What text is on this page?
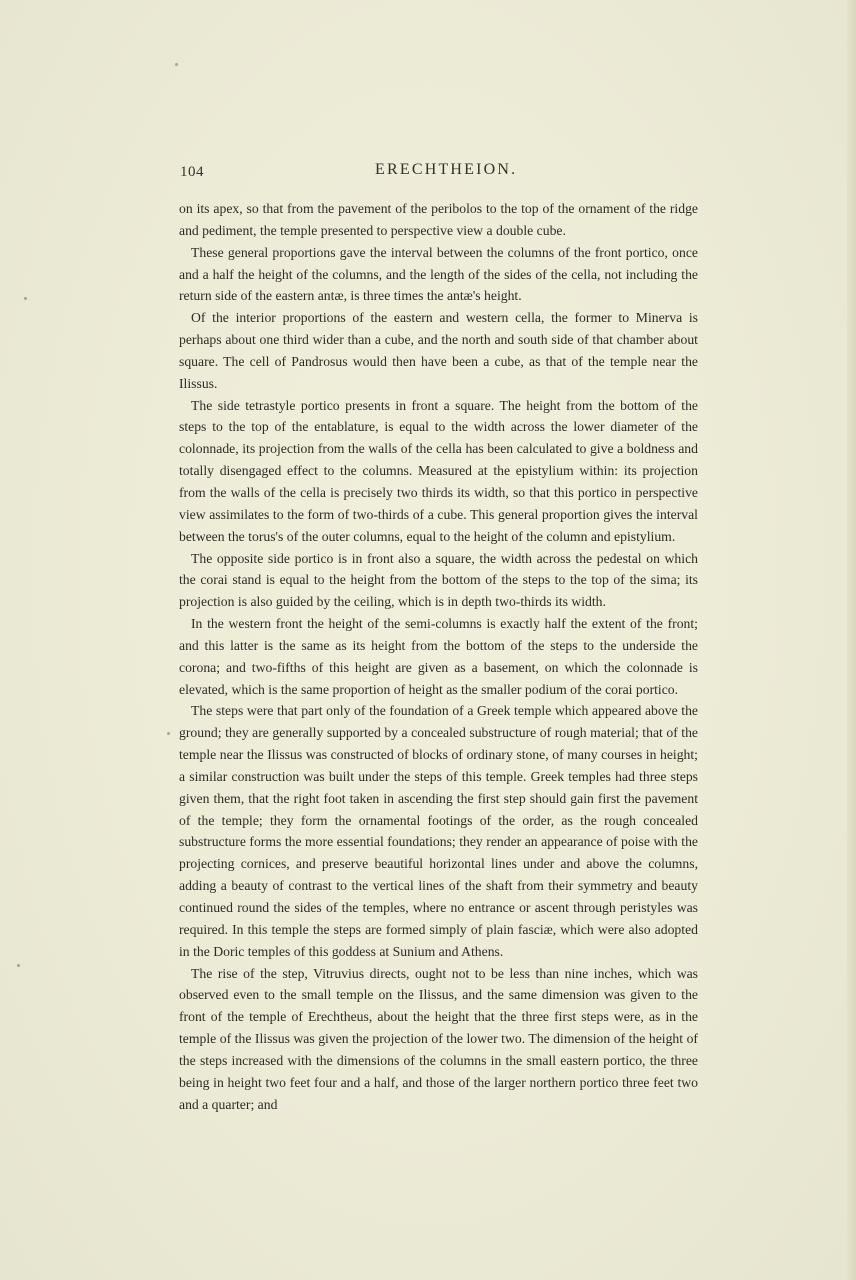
104	ERECHTHEION.

on its apex, so that from the pavement of the peribolos to the top of the ornament of the ridge and pediment, the temple presented to perspective view a double cube.

These general proportions gave the interval between the columns of the front portico, once and a half the height of the columns, and the length of the sides of the cella, not including the return side of the eastern antæ, is three times the antæ's height.

Of the interior proportions of the eastern and western cella, the former to Minerva is perhaps about one third wider than a cube, and the north and south side of that chamber about square. The cell of Pandrosus would then have been a cube, as that of the temple near the Ilissus.

The side tetrastyle portico presents in front a square. The height from the bottom of the steps to the top of the entablature, is equal to the width across the lower diameter of the colonnade, its projection from the walls of the cella has been calculated to give a boldness and totally disengaged effect to the columns. Measured at the epistylium within: its projection from the walls of the cella is precisely two thirds its width, so that this portico in perspective view assimilates to the form of two-thirds of a cube. This general proportion gives the interval between the torus's of the outer columns, equal to the height of the column and epistylium.

The opposite side portico is in front also a square, the width across the pedestal on which the corai stand is equal to the height from the bottom of the steps to the top of the sima; its projection is also guided by the ceiling, which is in depth two-thirds its width.

In the western front the height of the semi-columns is exactly half the extent of the front; and this latter is the same as its height from the bottom of the steps to the underside the corona; and two-fifths of this height are given as a basement, on which the colonnade is elevated, which is the same proportion of height as the smaller podium of the corai portico.

The steps were that part only of the foundation of a Greek temple which appeared above the ground; they are generally supported by a concealed substructure of rough material; that of the temple near the Ilissus was constructed of blocks of ordinary stone, of many courses in height; a similar construction was built under the steps of this temple. Greek temples had three steps given them, that the right foot taken in ascending the first step should gain first the pavement of the temple; they form the ornamental footings of the order, as the rough concealed substructure forms the more essential foundations; they render an appearance of poise with the projecting cornices, and preserve beautiful horizontal lines under and above the columns, adding a beauty of contrast to the vertical lines of the shaft from their symmetry and beauty continued round the sides of the temples, where no entrance or ascent through peristyles was required. In this temple the steps are formed simply of plain fasciæ, which were also adopted in the Doric temples of this goddess at Sunium and Athens.

The rise of the step, Vitruvius directs, ought not to be less than nine inches, which was observed even to the small temple on the Ilissus, and the same dimension was given to the front of the temple of Erechtheus, about the height that the three first steps were, as in the temple of the Ilissus was given the projection of the lower two. The dimension of the height of the steps increased with the dimensions of the columns in the small eastern portico, the three being in height two feet four and a half, and those of the larger northern portico three feet two and a quarter; and
